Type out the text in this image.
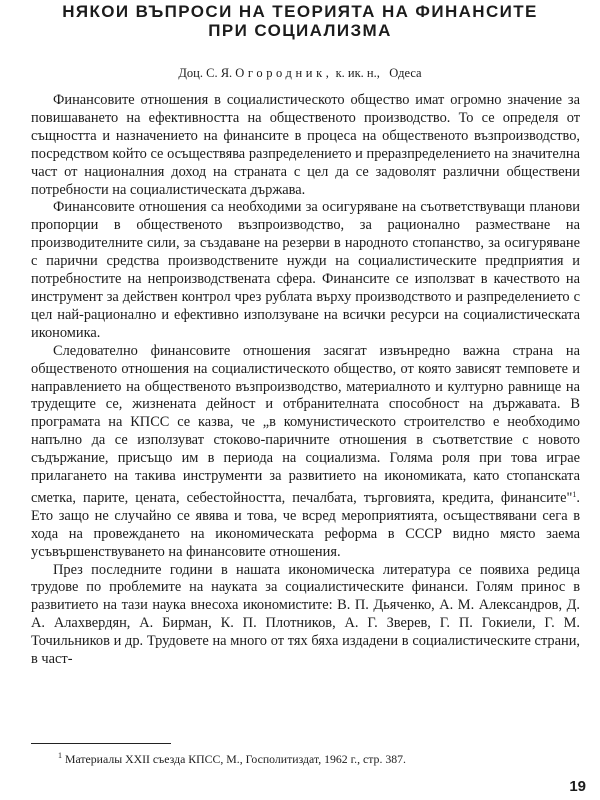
НЯКОИ ВЪПРОСИ НА ТЕОРИЯТА НА ФИНАНСИТЕ
ПРИ СОЦИАЛИЗМА
Доц. С. Я. Огородник, к. ик. н., Одеса

Финансовите отношения в социалистическото общество имат огромно значение за повишаването на ефективността на общественото производство. То се определя от същността и назначението на финансите в процеса на общественото възпроизводство, посредством който се осъществява разпределението и преразпределението на значителна част от националния доход на страната с цел да се задоволят различни обществени потребности на социалистическата държава.

Финансовите отношения са необходими за осигуряване на съответствуващи планови пропорции в общественото възпроизводство, за рационално разместване на производителните сили, за създаване на резерви в народното стопанство, за осигуряване с парични средства производствените нужди на социалистическите предприятия и потребностите на непроизводствената сфера. Финансите се използват в качеството на инструмент за действен контрол чрез рублата върху производството и разпределението с цел най-рационално и ефективно използуване на всички ресурси на социалистическата икономика.

Следователно финансовите отношения засягат извънредно важна страна на общественото отношения на социалистическото общество, от която зависят темповете и направлението на общественото възпроизводство, материалното и културно равнище на трудещите се, жизнената дейност и отбранителната способност на държавата. В програмата на КПСС се казва, че „в комунистическото строителство е необходимо напълно да се използуват стоково-паричните отношения в съответствие с новото съдържание, присъщо им в периода на социализма. Голяма роля при това играе прилагането на такива инструменти за развитието на икономиката, като стопанската сметка, парите, цената, себестойността, печалбата, търговията, кредита, финансите"$^1$. Ето защо не случайно се явява и това, че всред мероприятията, осъществявани сега в хода на провеждането на икономическата реформа в СССР видно място заема усъвършенствуването на финансовите отношения.

През последните години в нашата икономическа литература се появиха редица трудове по проблемите на науката за социалистическите финанси. Голям принос в развитието на тази наука внесоха икономистите: В. П. Дьяченко, А. М. Александров, Д. А. Алахвердян, А. Бирман, К. П. Плотников, А. Г. Зверев, Г. П. Гокиели, Г. М. Точильников и др. Трудовете на много от тях бяха издадени в социалистическите страни, в част-

$^1$ Материалы XXII съезда КПСС, М., Госполитиздат, 1962 г., стр. 387.
19
